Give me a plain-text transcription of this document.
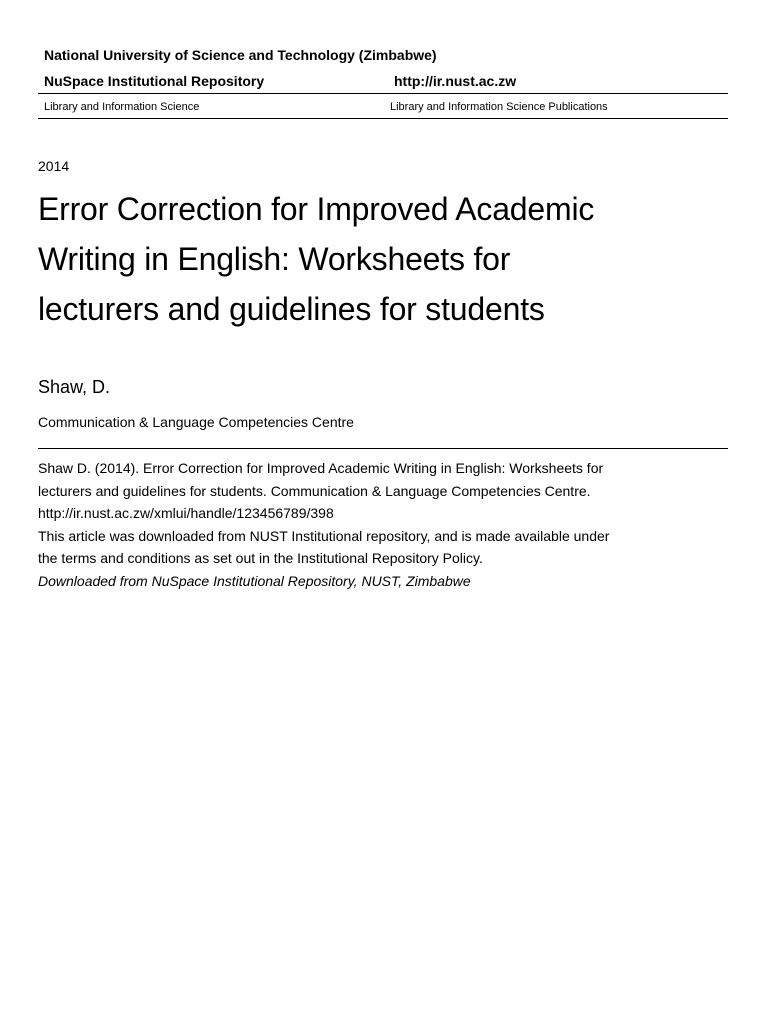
National University of Science and Technology (Zimbabwe)
NuSpace Institutional Repository	http://ir.nust.ac.zw
Library and Information Science	Library and Information Science Publications
2014
Error Correction for Improved Academic
Writing in English: Worksheets for
lecturers and guidelines for students
Shaw, D.
Communication & Language Competencies Centre
Shaw D. (2014). Error Correction for Improved Academic Writing in English: Worksheets for
lecturers and guidelines for students. Communication & Language Competencies Centre.
http://ir.nust.ac.zw/xmlui/handle/123456789/398
This article was downloaded from NUST Institutional repository, and is made available under
the terms and conditions as set out in the Institutional Repository Policy.
Downloaded from NuSpace Institutional Repository, NUST, Zimbabwe
